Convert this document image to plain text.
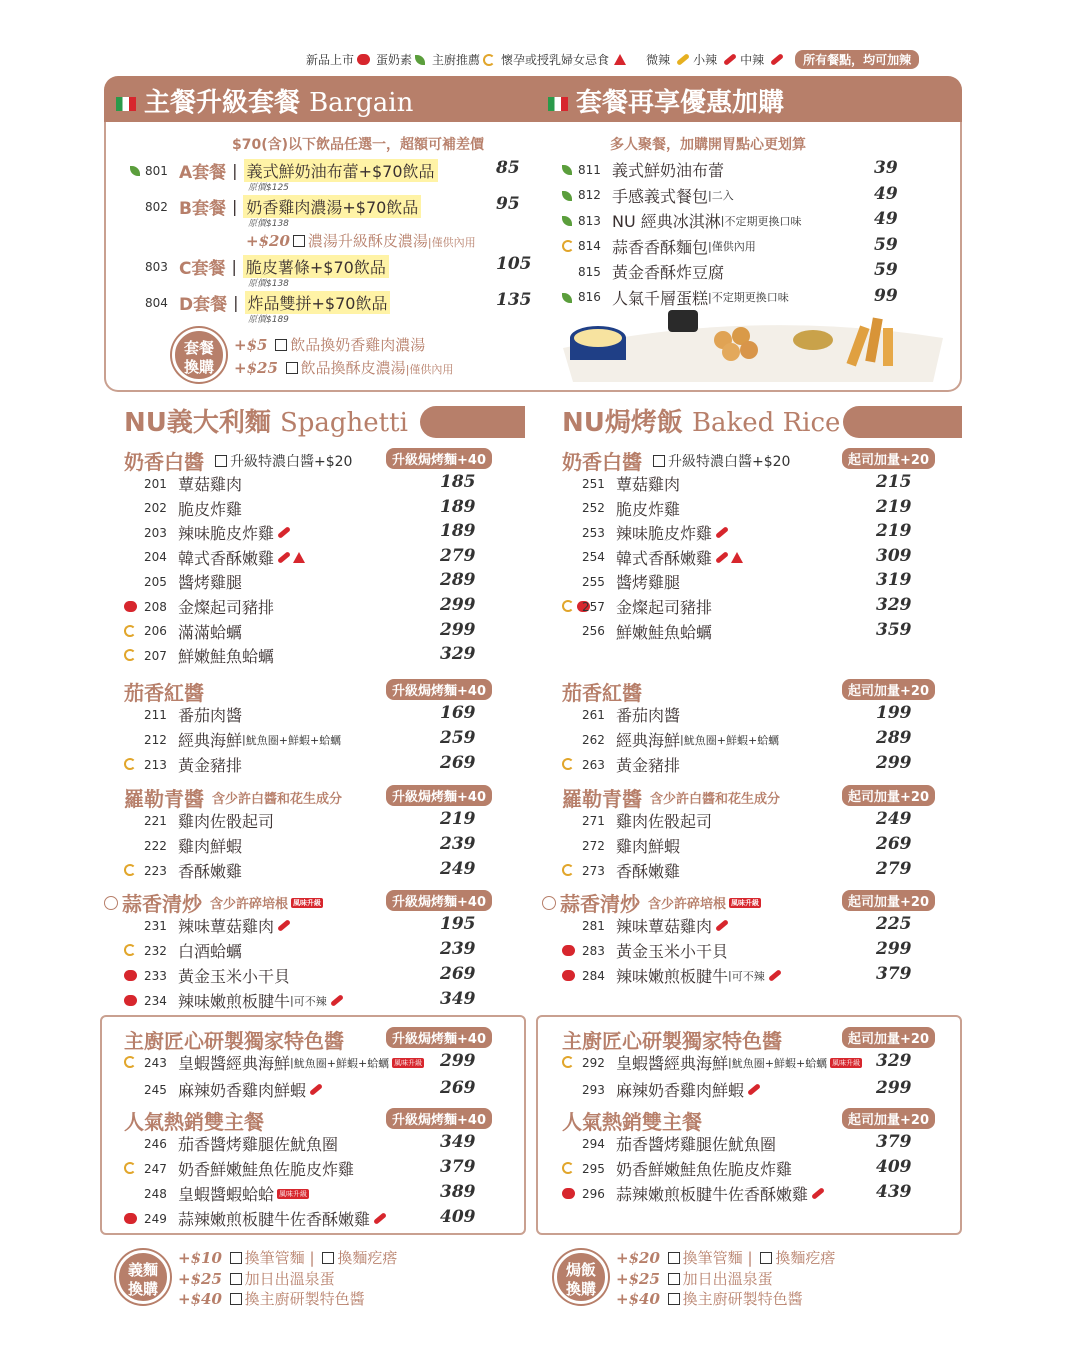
新品上市 蛋奶素 主廚推薦 懷孕或授乳婦女忌食	微辣 小辣 中辣	所有餐點，均可加辣
主餐升級套餐 Bargain	套餐再享優惠加購
$70(含)以下飲品任選一，超額可補差價	多人聚餐，加購開胃點心更划算
801 A套餐 | 義式鮮奶油布蕾+$70飲品	85
原價$125
802 B套餐 | 奶香雞肉濃湯+$70飲品	95
原價$138
803 C套餐 | 脆皮薯條+$70飲品	105
原價$138
804 D套餐 | 炸品雙拼+$70飲品	135
原價$189
+$20 濃湯升級酥皮濃湯|僅供內用
套餐
換購
+$5 飲品換奶香雞肉濃湯
+$25 飲品換酥皮濃湯|僅供內用
811 義式鮮奶油布蕾	39
812 手感義式餐包 | 二入	49
813 NU 經典冰淇淋 | 不定期更換口味	49
814 蒜香香酥麵包 | 僅供內用	59
815 黃金香酥炸豆腐	59
816 人氣千層蛋糕 | 不定期更換口味	99
NU義大利麵 Spaghetti	NU焗烤飯 Baked Rice
奶香白醬	升級特濃白醬+$20	升級焗烤麵+40
201 蕈菇雞肉	185
202 脆皮炸雞	189
203 辣味脆皮炸雞	189
204 韓式香酥嫩雞	279
205 醬烤雞腿	289
208 金燦起司豬排	299
206 滿滿蛤蠣	299
207 鮮嫩鮭魚蛤蠣	329
茄香紅醬	升級焗烤麵+40
211 番茄肉醬	169
212 經典海鮮 | 魷魚圈+鮮蝦+蛤蠣	259
213 黃金豬排	269
羅勒青醬 含少許白醬和花生成分	升級焗烤麵+40
221 雞肉佐骰起司	219
222 雞肉鮮蝦	239
223 香酥嫩雞	249
蒜香清炒 含少許碎培根 風味升級	升級焗烤麵+40
231 辣味蕈菇雞肉	195
232 白酒蛤蠣	239
233 黃金玉米小干貝	269
234 辣味嫩煎板腱牛 | 可不辣	349
主廚匠心研製獨家特色醬	升級焗烤麵+40
243 皇蝦醬經典海鮮 | 魷魚圈+鮮蝦+蛤蠣 風味升級 299
245 麻辣奶香雞肉鮮蝦	269
人氣熱銷雙主餐	升級焗烤麵+40
246 茄香醬烤雞腿佐魷魚圈	349
247 奶香鮮嫩鮭魚佐脆皮炸雞	379
248 皇蝦醬蝦蛤蛤 風味升級	389
249 蒜辣嫩煎板腱牛佐香酥嫩雞	409
義麵
換購
+$10 換筆管麵 | 換麵疙瘩
+$25 加日出溫泉蛋
+$40 換主廚研製特色醬
奶香白醬	升級特濃白醬+$20	起司加量+20
251 蕈菇雞肉	215
252 脆皮炸雞	219
253 辣味脆皮炸雞	219
254 韓式香酥嫩雞	309
255 醬烤雞腿	319
257 金燦起司豬排	329
256 鮮嫩鮭魚蛤蠣	359
茄香紅醬	起司加量+20
261 番茄肉醬	199
262 經典海鮮 | 魷魚圈+鮮蝦+蛤蠣	289
263 黃金豬排	299
羅勒青醬 含少許白醬和花生成分	起司加量+20
271 雞肉佐骰起司	249
272 雞肉鮮蝦	269
273 香酥嫩雞	279
蒜香清炒 含少許碎培根 風味升級	起司加量+20
281 辣味蕈菇雞肉	225
283 黃金玉米小干貝	299
284 辣味嫩煎板腱牛 | 可不辣	379
主廚匠心研製獨家特色醬	起司加量+20
292 皇蝦醬經典海鮮 | 魷魚圈+鮮蝦+蛤蠣 風味升級 329
293 麻辣奶香雞肉鮮蝦	299
人氣熱銷雙主餐	起司加量+20
294 茄香醬烤雞腿佐魷魚圈	379
295 奶香鮮嫩鮭魚佐脆皮炸雞	409
296 蒜辣嫩煎板腱牛佐香酥嫩雞	439
焗飯
換購
+$20 換筆管麵 | 換麵疙瘩
+$25 加日出溫泉蛋
+$40 換主廚研製特色醬
